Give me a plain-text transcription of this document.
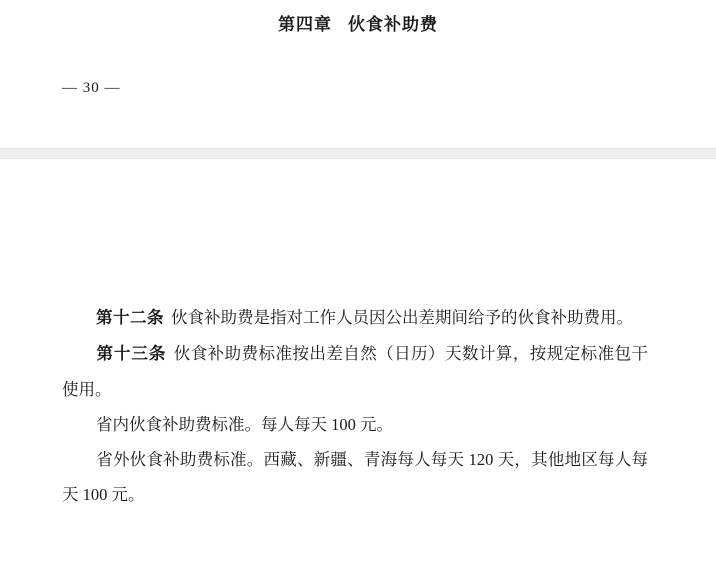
第四章 伙食补助费

— 30 —

第十二条 伙食补助费是指对工作人员因公出差期间给予的伙食补助费用。

第十三条 伙食补助费标准按出差自然（日历）天数计算，按规定标准包干使用。

省内伙食补助费标准。每人每天 100 元。

省外伙食补助费标准。西藏、新疆、青海每人每天 120 天，其他地区每人每天 100 元。
